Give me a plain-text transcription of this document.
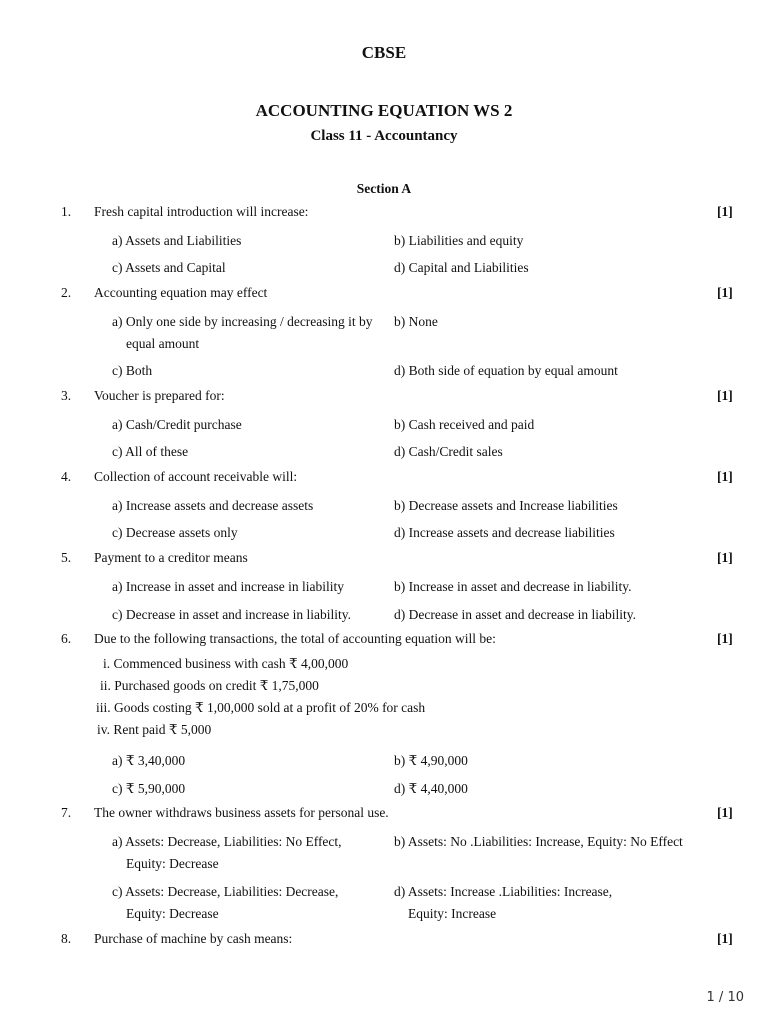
CBSE
ACCOUNTING EQUATION WS 2
Class 11 - Accountancy
Section A
1. Fresh capital introduction will increase:	[1]
a) Assets and Liabilities	b) Liabilities and equity
c) Assets and Capital	d) Capital and Liabilities
2. Accounting equation may effect	[1]
a) Only one side by increasing / decreasing it by equal amount
b) None
c) Both	d) Both side of equation by equal amount
3. Voucher is prepared for:	[1]
a) Cash/Credit purchase	b) Cash received and paid
c) All of these	d) Cash/Credit sales
4. Collection of account receivable will:	[1]
a) Increase assets and decrease assets	b) Decrease assets and Increase liabilities
c) Decrease assets only	d) Increase assets and decrease liabilities
5. Payment to a creditor means	[1]
a) Increase in asset and increase in liability	b) Increase in asset and decrease in liability.
c) Decrease in asset and increase in liability.	d) Decrease in asset and decrease in liability.
6. Due to the following transactions, the total of accounting equation will be:	[1]
i. Commenced business with cash ₹ 4,00,000
ii. Purchased goods on credit ₹ 1,75,000
iii. Goods costing ₹ 1,00,000 sold at a profit of 20% for cash
iv. Rent paid ₹ 5,000
a) ₹ 3,40,000	b) ₹ 4,90,000
c) ₹ 5,90,000	d) ₹ 4,40,000
7. The owner withdraws business assets for personal use.	[1]
a) Assets: Decrease, Liabilities: No Effect, Equity: Decrease
b) Assets: No .Liabilities: Increase, Equity: No Effect
c) Assets: Decrease, Liabilities: Decrease, Equity: Decrease
d) Assets: Increase .Liabilities: Increase, Equity: Increase
8. Purchase of machine by cash means:	[1]
1 / 10
